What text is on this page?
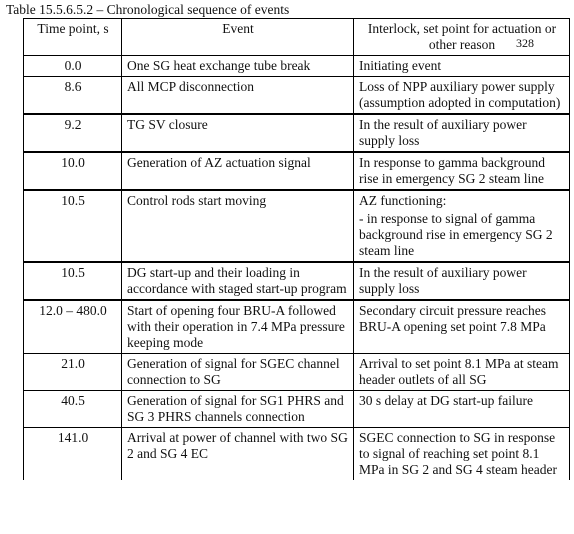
Table 15.5.6.5.2 – Chronological sequence of events
Time point, s	Event	Interlock, set point for actuation or other reason
0.0	One SG heat exchange tube break	Initiating event
8.6	All MCP disconnection	Loss of NPP auxiliary power supply (assumption adopted in computation)
9.2	TG SV closure	In the result of auxiliary power supply loss
10.0	Generation of AZ actuation signal	In response to gamma background rise in emergency SG 2 steam line
10.5	Control rods start moving	AZ functioning:
- in response to signal of gamma background rise in emergency SG 2 steam line

10.5	DG start-up and their loading in accordance with staged start-up program	In the result of auxiliary power supply loss
12.0 – 480.0	Start of opening four BRU-A followed with their operation in 7.4 MPa pressure keeping mode	Secondary circuit pressure reaches BRU-A opening set point 7.8 MPa
21.0	Generation of signal for SGEC channel connection to SG	Arrival to set point 8.1 MPa at steam header outlets of all SG
40.5	Generation of signal for SG1 PHRS and SG 3 PHRS channels connection	30 s delay at DG start-up failure
141.0	Arrival at power of channel with two SG 2 and SG 4 EC	SGEC connection to SG in response to signal of reaching set point 8.1 MPa in SG 2 and SG 4 steam header
328
